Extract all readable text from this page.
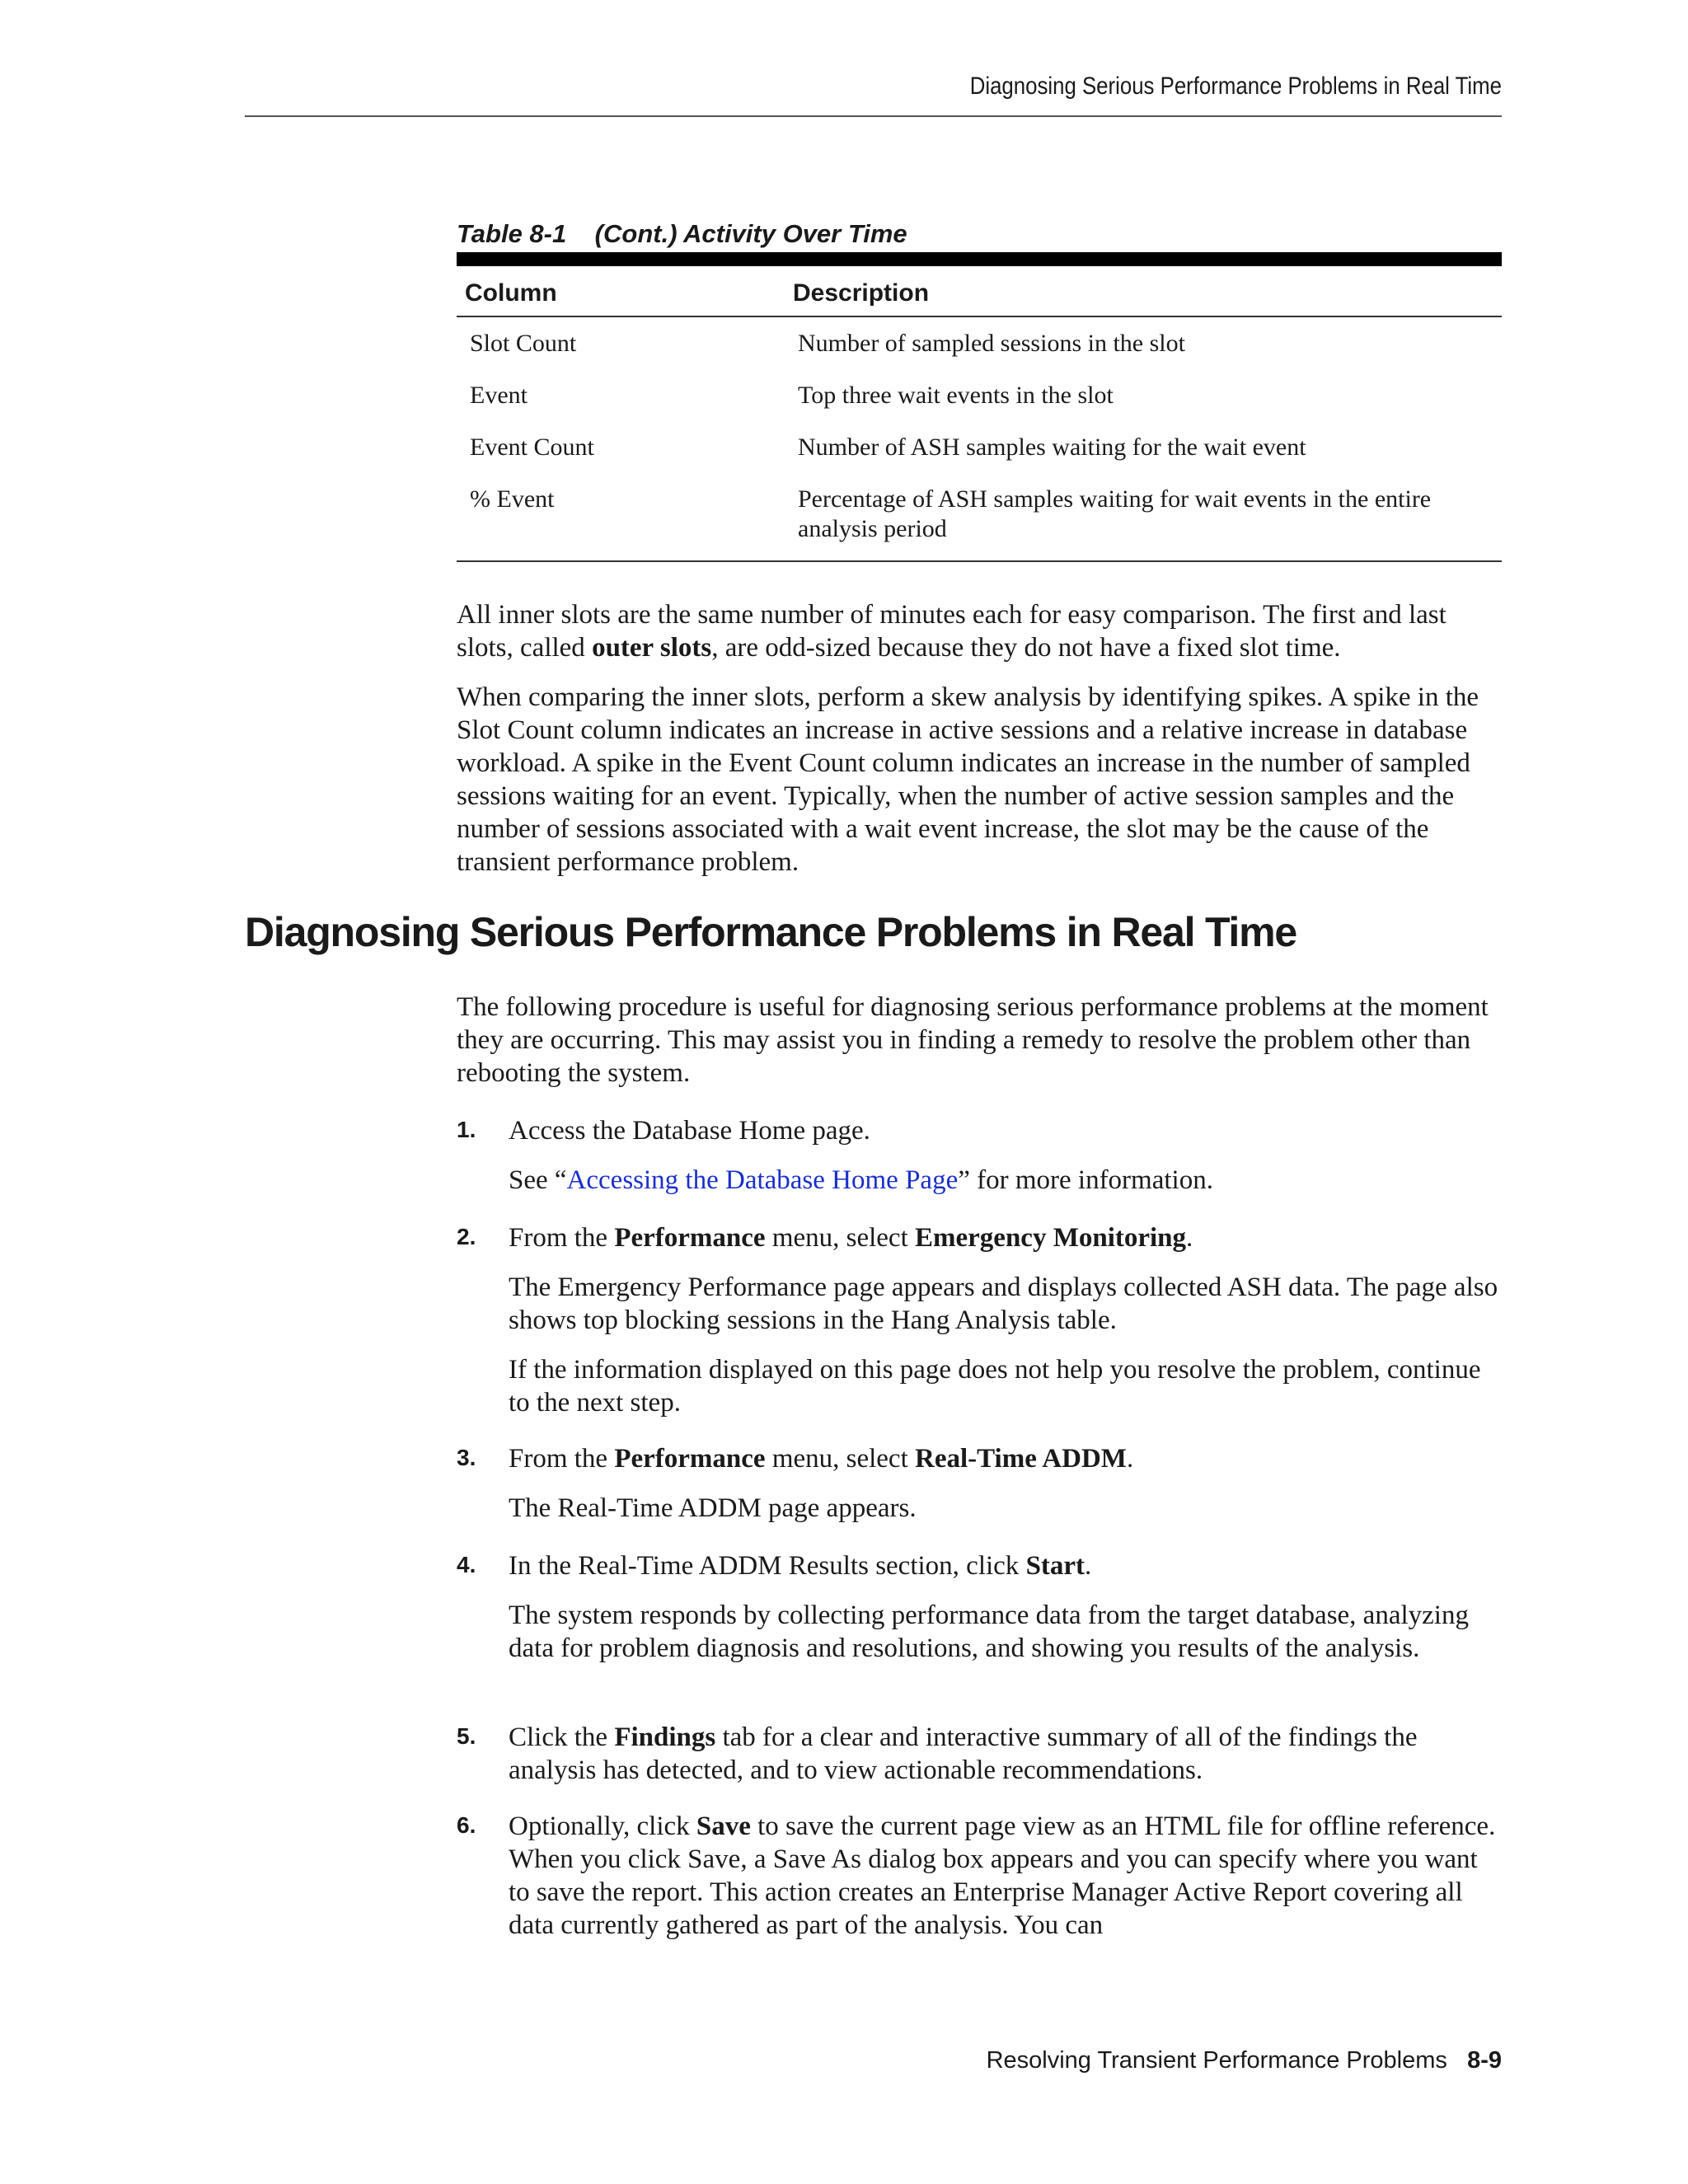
Diagnosing Serious Performance Problems in Real Time
Table 8-1    (Cont.) Activity Over Time
Column	Description
Slot Count	Number of sampled sessions in the slot
Event	Top three wait events in the slot
Event Count	Number of ASH samples waiting for the wait event
% Event	Percentage of ASH samples waiting for wait events in the entire analysis period

All inner slots are the same number of minutes each for easy comparison. The first and last slots, called outer slots, are odd-sized because they do not have a fixed slot time.

When comparing the inner slots, perform a skew analysis by identifying spikes. A spike in the Slot Count column indicates an increase in active sessions and a relative increase in database workload. A spike in the Event Count column indicates an increase in the number of sampled sessions waiting for an event. Typically, when the number of active session samples and the number of sessions associated with a wait event increase, the slot may be the cause of the transient performance problem.

Diagnosing Serious Performance Problems in Real Time

The following procedure is useful for diagnosing serious performance problems at the moment they are occurring. This may assist you in finding a remedy to resolve the problem other than rebooting the system.

1. Access the Database Home page.

See “Accessing the Database Home Page” for more information.

2. From the Performance menu, select Emergency Monitoring.

The Emergency Performance page appears and displays collected ASH data. The page also shows top blocking sessions in the Hang Analysis table.

If the information displayed on this page does not help you resolve the problem, continue to the next step.

3. From the Performance menu, select Real-Time ADDM.

The Real-Time ADDM page appears.

4. In the Real-Time ADDM Results section, click Start.

The system responds by collecting performance data from the target database, analyzing data for problem diagnosis and resolutions, and showing you results of the analysis.

5. Click the Findings tab for a clear and interactive summary of all of the findings the analysis has detected, and to view actionable recommendations.

6. Optionally, click Save to save the current page view as an HTML file for offline reference. When you click Save, a Save As dialog box appears and you can specify where you want to save the report. This action creates an Enterprise Manager Active Report covering all data currently gathered as part of the analysis. You can

Resolving Transient Performance Problems 8-9
